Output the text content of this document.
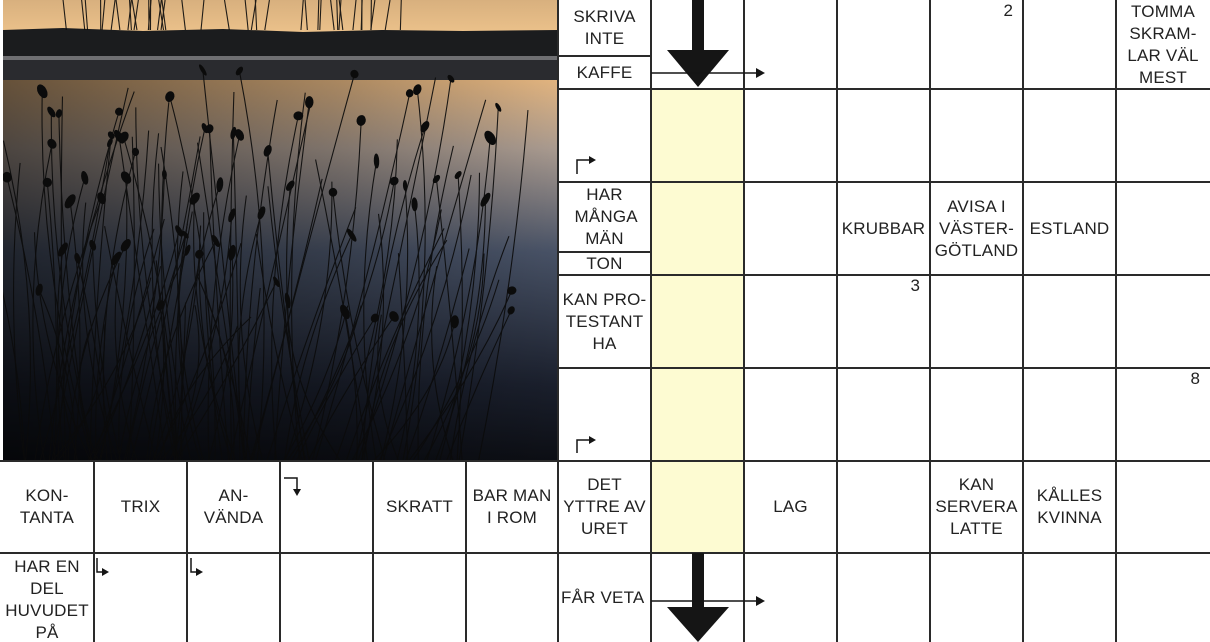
SKRIVA INTE
KAFFE
2	TOMMA SKRAM-LAR VÄL MEST
HAR MÅNGA MÄN
TON
KRUBBAR
AVISA I VÄSTER-GÖTLAND
ESTLAND
KAN PRO-TESTANT HA
3
8
KON-TANTA
TRIX
AN-VÄNDA
SKRATT
BAR MAN I ROM
DET YTTRE AV URET
LAG
KAN SERVERA LATTE
KÅLLES KVINNA
HAR EN DEL HUVUDET PÅ
FÅR VETA
